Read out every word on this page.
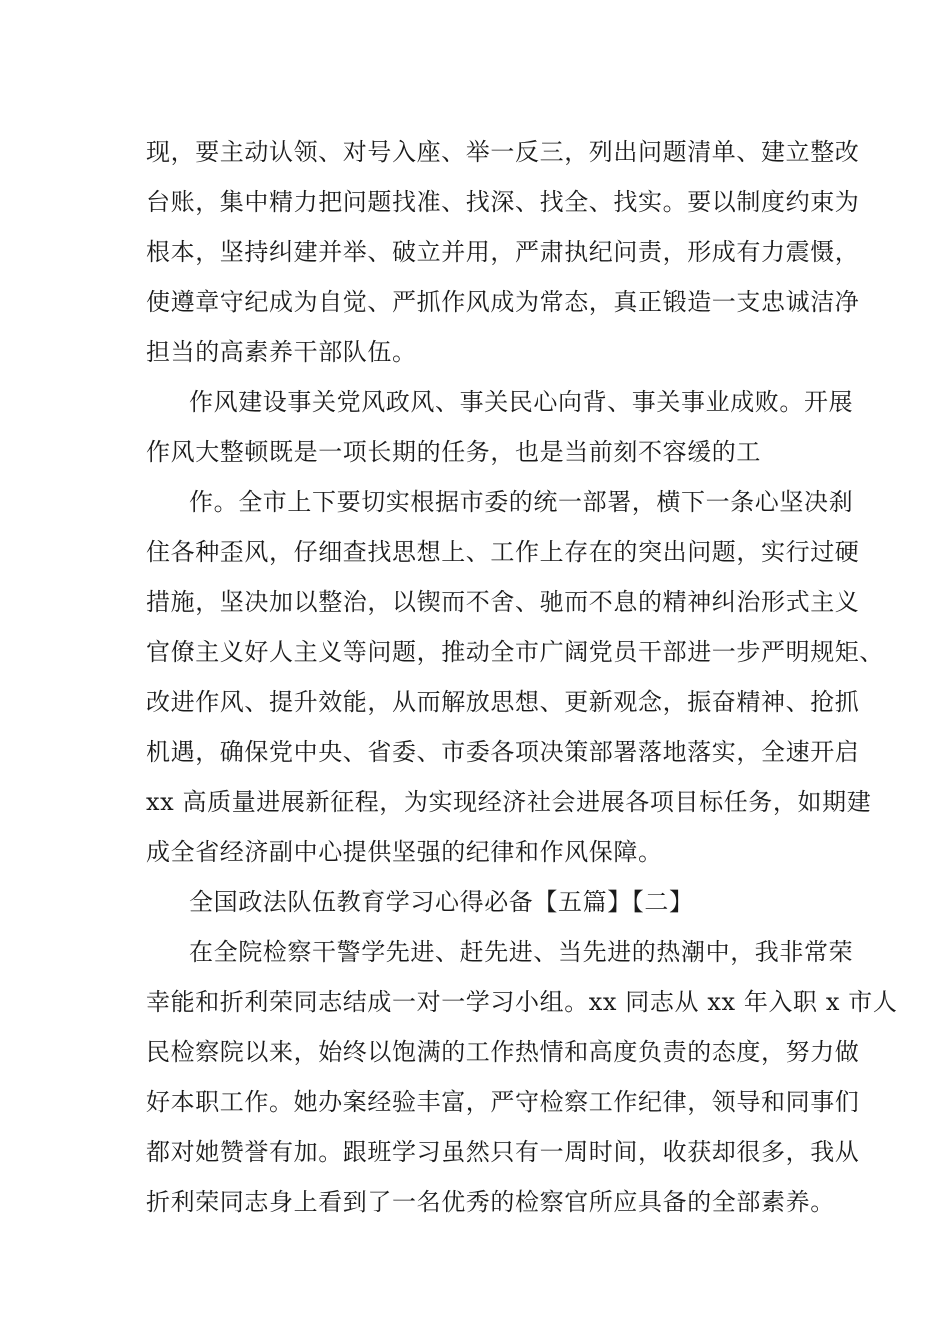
现，要主动认领、对号入座、举一反三，列出问题清单、建立整改
台账，集中精力把问题找准、找深、找全、找实。要以制度约束为
根本，坚持纠建并举、破立并用，严肃执纪问责，形成有力震慑，
使遵章守纪成为自觉、严抓作风成为常态，真正锻造一支忠诚洁净
担当的高素养干部队伍。
作风建设事关党风政风、事关民心向背、事关事业成败。开展
作风大整顿既是一项长期的任务，也是当前刻不容缓的工
作。全市上下要切实根据市委的统一部署，横下一条心坚决刹
住各种歪风，仔细查找思想上、工作上存在的突出问题，实行过硬
措施，坚决加以整治，以锲而不舍、驰而不息的精神纠治形式主义
官僚主义好人主义等问题，推动全市广阔党员干部进一步严明规矩、
改进作风、提升效能，从而解放思想、更新观念，振奋精神、抢抓
机遇，确保党中央、省委、市委各项决策部署落地落实，全速开启
xx 高质量进展新征程，为实现经济社会进展各项目标任务，如期建
成全省经济副中心提供坚强的纪律和作风保障。
全国政法队伍教育学习心得必备【五篇】【二】
在全院检察干警学先进、赶先进、当先进的热潮中，我非常荣
幸能和折利荣同志结成一对一学习小组。xx 同志从 xx 年入职 x 市人
民检察院以来，始终以饱满的工作热情和高度负责的态度，努力做
好本职工作。她办案经验丰富，严守检察工作纪律，领导和同事们
都对她赞誉有加。跟班学习虽然只有一周时间，收获却很多，我从
折利荣同志身上看到了一名优秀的检察官所应具备的全部素养。
